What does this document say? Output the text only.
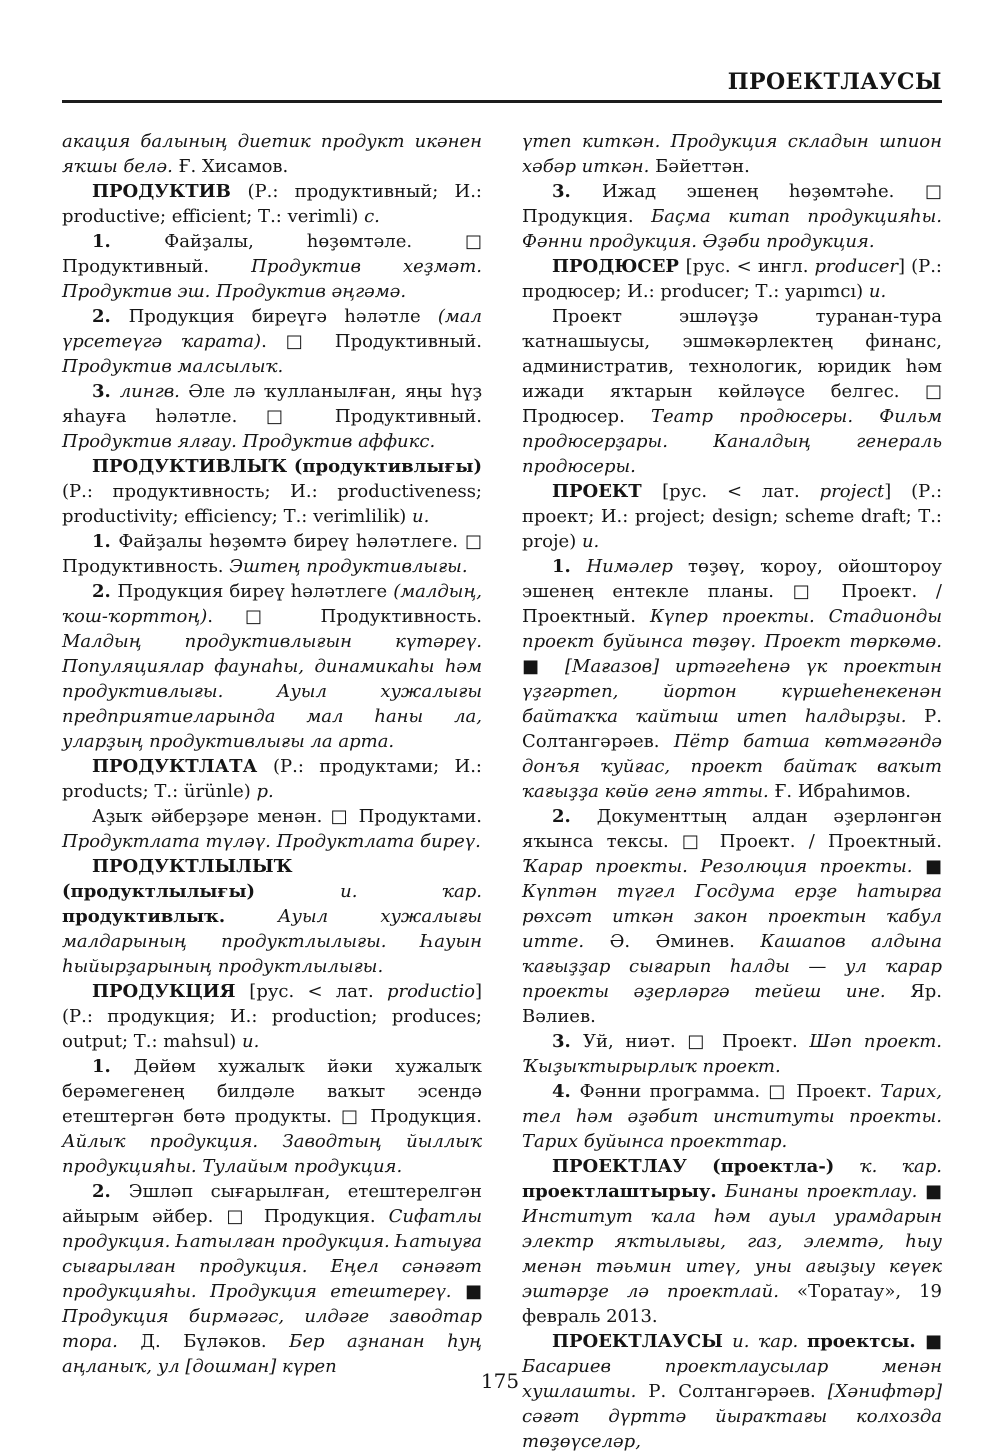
ПРОЕКТЛАУСЫ

акация балының диетик продукт икәнен яҡшы белә. Ғ. Хисамов.

ПРОДУКТИВ (Р.: продуктивный; И.: productive; efficient; Т.: verimli) с.

1. Файҙалы, һөҙөмтәле. □ Продуктивный. Продуктив хеҙмәт. Продуктив эш. Продуктив әңгәмә.

2. Продукция биреүгә һәләтле (мал үрсетеүгә ҡарата). □ Продуктивный. Продуктив малсылыҡ.

3. лингв. Әле лә ҡулланылған, яңы һүҙ яһауға һәләтле. □ Продуктивный. Продуктив ялғау. Продуктив аффикс.

ПРОДУКТИВЛЫҠ (продуктивлығы) (Р.: продуктивность; И.: productiveness; productivity; efficiency; Т.: verimlilik) и.

1. Файҙалы һөҙөмтә биреү һәләтлеге. □ Продуктивность. Эштең продуктивлығы.

2. Продукция биреү һәләтлеге (малдың, ҡош-ҡорттоң). □ Продуктивность. Малдың продуктивлығын күтәреү. Популяциялар фаунаһы, динамикаһы һәм продуктивлығы. Ауыл хужалығы предприятиеларында мал һаны ла, уларҙың продуктивлығы ла арта.

ПРОДУКТЛАТА (Р.: продуктами; И.: products; Т.: ürünle) р.

Аҙыҡ әйберҙәре менән. □ Продуктами. Продуктлата түләү. Продуктлата биреү.

ПРОДУКТЛЫЛЫҠ (продуктлылығы) и. ҡар. продуктивлыҡ. Ауыл хужалығы малдарының продуктлылығы. Һауын һыйырҙарының продуктлылығы.

ПРОДУКЦИЯ [рус. < лат. productio] (Р.: продукция; И.: production; produces; output; Т.: mahsul) и.

1. Дөйөм хужалыҡ йәки хужалыҡ берәмегенең билдәле ваҡыт эсендә етештергән бөтә продукты. □ Продукция. Айлыҡ продукция. Заводтың йыллыҡ продукцияһы. Тулайым продукция.

2. Эшләп сығарылған, етештерелгән айырым әйбер. □ Продукция. Сифатлы продукция. Һатылған продукция. Һатыуға сығарылған продукция. Еңел сәнәғәт продукцияһы. Продукция етештереү. ■ Продукция бирмәгәс, илдәге заводтар тора. Д. Бүләков. Бер аҙнанан һуң аңланыҡ, ул [дошман] күреп

үтеп киткән. Продукция складын шпион хәбәр иткән. Бәйеттән.

3. Ижад эшенең һөҙөмтәһе. □ Продукция. Баҫма китап продукцияһы. Фәнни продукция. Әҙәби продукция.

ПРОДЮСЕР [рус. < ингл. producer] (Р.: продюсер; И.: producer; Т.: yapımcı) и.

Проект эшләүҙә туранан-тура ҡатнашыусы, эшмәкәрлектең финанс, административ, технологик, юридик һәм ижади яҡтарын көйләүсе белгес. □ Продюсер. Театр продюсеры. Фильм продюсерҙары. Каналдың генераль продюсеры.

ПРОЕКТ [рус. < лат. project] (Р.: проект; И.: project; design; scheme draft; Т.: proje) и.

1. Нимәлер төҙөү, ҡороу, ойоштороу эшенең ентекле планы. □ Проект. / Проектный. Күпер проекты. Стадионды проект буйынса төҙөү. Проект төркөмө. ■ [Мағазов] иртәгеһенә үк проектын үҙгәртеп, йортон күршеһенекенән байтаҡҡа ҡайтыш итеп һалдырҙы. Р. Солтангәрәев. Пётр батша көтмәгәндә донъя ҡуйғас, проект байтаҡ ваҡыт ҡағыҙҙа көйө генә ятты. Ғ. Ибраһимов.

2. Документтың алдан әҙерләнгән яҡынса тексы. □ Проект. / Проектный. Ҡарар проекты. Резолюция проекты. ■ Күптән түгел Госдума ерҙе һатырға рөхсәт иткән закон проектын ҡабул итте. Ә. Әминев. Кашапов алдына ҡағыҙҙар сығарып һалды — ул ҡарар проекты әҙерләргә тейеш ине. Яр. Вәлиев.

3. Уй, ниәт. □ Проект. Шәп проект. Ҡыҙыҡтырырлыҡ проект.

4. Фәнни программа. □ Проект. Тарих, тел һәм әҙәбит институты проекты. Тарих буйынса проекттар.

ПРОЕКТЛАУ (проектла-) ҡ. ҡар. проектлаштырыу. Бинаны проектлау. ■ Институт ҡала һәм ауыл урамдарын электр яҡтылығы, газ, элемтә, һыу менән тәьмин итеү, уны ағыҙыу кеүек эштәрҙе лә проектлай. «Торатау», 19 февраль 2013.

ПРОЕКТЛАУСЫ и. ҡар. проектсы. ■ Басариев проектлаусылар менән хушлашты. Р. Солтангәрәев. [Хәнифтәр] сәғәт дүрттә йыраҡтағы колхозда төҙөүселәр,

175
